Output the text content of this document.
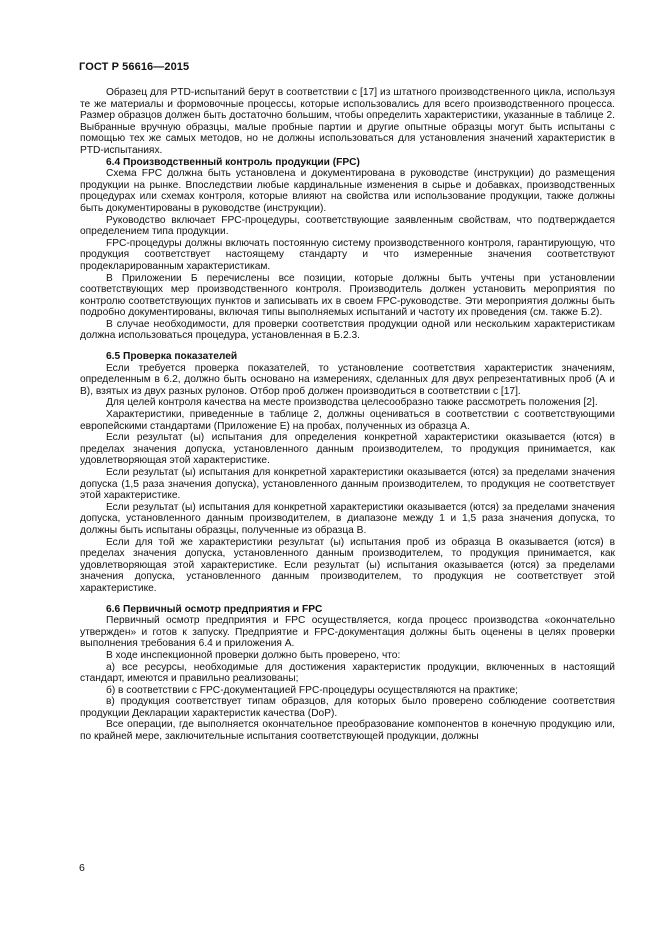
ГОСТ Р 56616—2015

Образец для PTD-испытаний берут в соответствии с [17] из штатного производственного цикла, используя те же материалы и формовочные процессы, которые использовались для всего производственного процесса. Размер образцов должен быть достаточно большим, чтобы определить характеристики, указанные в таблице 2. Выбранные вручную образцы, малые пробные партии и другие опытные образцы могут быть испытаны с помощью тех же самых методов, но не должны использоваться для установления значений характеристик в PTD-испытаниях.

6.4 Производственный контроль продукции (FPC)

Схема FPC должна быть установлена и документирована в руководстве (инструкции) до размещения продукции на рынке. Впоследствии любые кардинальные изменения в сырье и добавках, производственных процедурах или схемах контроля, которые влияют на свойства или использование продукции, также должны быть документированы в руководстве (инструкции).

Руководство включает FPC-процедуры, соответствующие заявленным свойствам, что подтверждается определением типа продукции.

FPC-процедуры должны включать постоянную систему производственного контроля, гарантирующую, что продукция соответствует настоящему стандарту и что измеренные значения соответствуют продекларированным характеристикам.

В Приложении Б перечислены все позиции, которые должны быть учтены при установлении соответствующих мер производственного контроля. Производитель должен установить мероприятия по контролю соответствующих пунктов и записывать их в своем FPC-руководстве. Эти мероприятия должны быть подробно документированы, включая типы выполняемых испытаний и частоту их проведения (см. также Б.2).

В случае необходимости, для проверки соответствия продукции одной или нескольким характеристикам должна использоваться процедура, установленная в Б.2.3.

6.5 Проверка показателей

Если требуется проверка показателей, то установление соответствия характеристик значениям, определенным в 6.2, должно быть основано на измерениях, сделанных для двух репрезентативных проб (А и В), взятых из двух разных рулонов. Отбор проб должен производиться в соответствии с [17].

Для целей контроля качества на месте производства целесообразно также рассмотреть положения [2].

Характеристики, приведенные в таблице 2, должны оцениваться в соответствии с соответствующими европейскими стандартами (Приложение Е) на пробах, полученных из образца А.

Если результат (ы) испытания для определения конкретной характеристики оказывается (ются) в пределах значения допуска, установленного данным производителем, то продукция принимается, как удовлетворяющая этой характеристике.

Если результат (ы) испытания для конкретной характеристики оказывается (ются) за пределами значения допуска (1,5 раза значения допуска), установленного данным производителем, то продукция не соответствует этой характеристике.

Если результат (ы) испытания для конкретной характеристики оказывается (ются) за пределами значения допуска, установленного данным производителем, в диапазоне между 1 и 1,5 раза значения допуска, то должны быть испытаны образцы, полученные из образца В.

Если для той же характеристики результат (ы) испытания проб из образца В оказывается (ются) в пределах значения допуска, установленного данным производителем, то продукция принимается, как удовлетворяющая этой характеристике. Если результат (ы) испытания оказывается (ются) за пределами значения допуска, установленного данным производителем, то продукция не соответствует этой характеристике.

6.6 Первичный осмотр предприятия и FPC

Первичный осмотр предприятия и FPC осуществляется, когда процесс производства «окончательно утвержден» и готов к запуску. Предприятие и FPC-документация должны быть оценены в целях проверки выполнения требования 6.4 и приложения А.

В ходе инспекционной проверки должно быть проверено, что:

а) все ресурсы, необходимые для достижения характеристик продукции, включенных в настоящий стандарт, имеются и правильно реализованы;

б) в соответствии с FPC-документацией FPC-процедуры осуществляются на практике;

в) продукция соответствует типам образцов, для которых было проверено соблюдение соответствия продукции Декларации характеристик качества (DoP).

Все операции, где выполняется окончательное преобразование компонентов в конечную продукцию или, по крайней мере, заключительные испытания соответствующей продукции, должны

6
